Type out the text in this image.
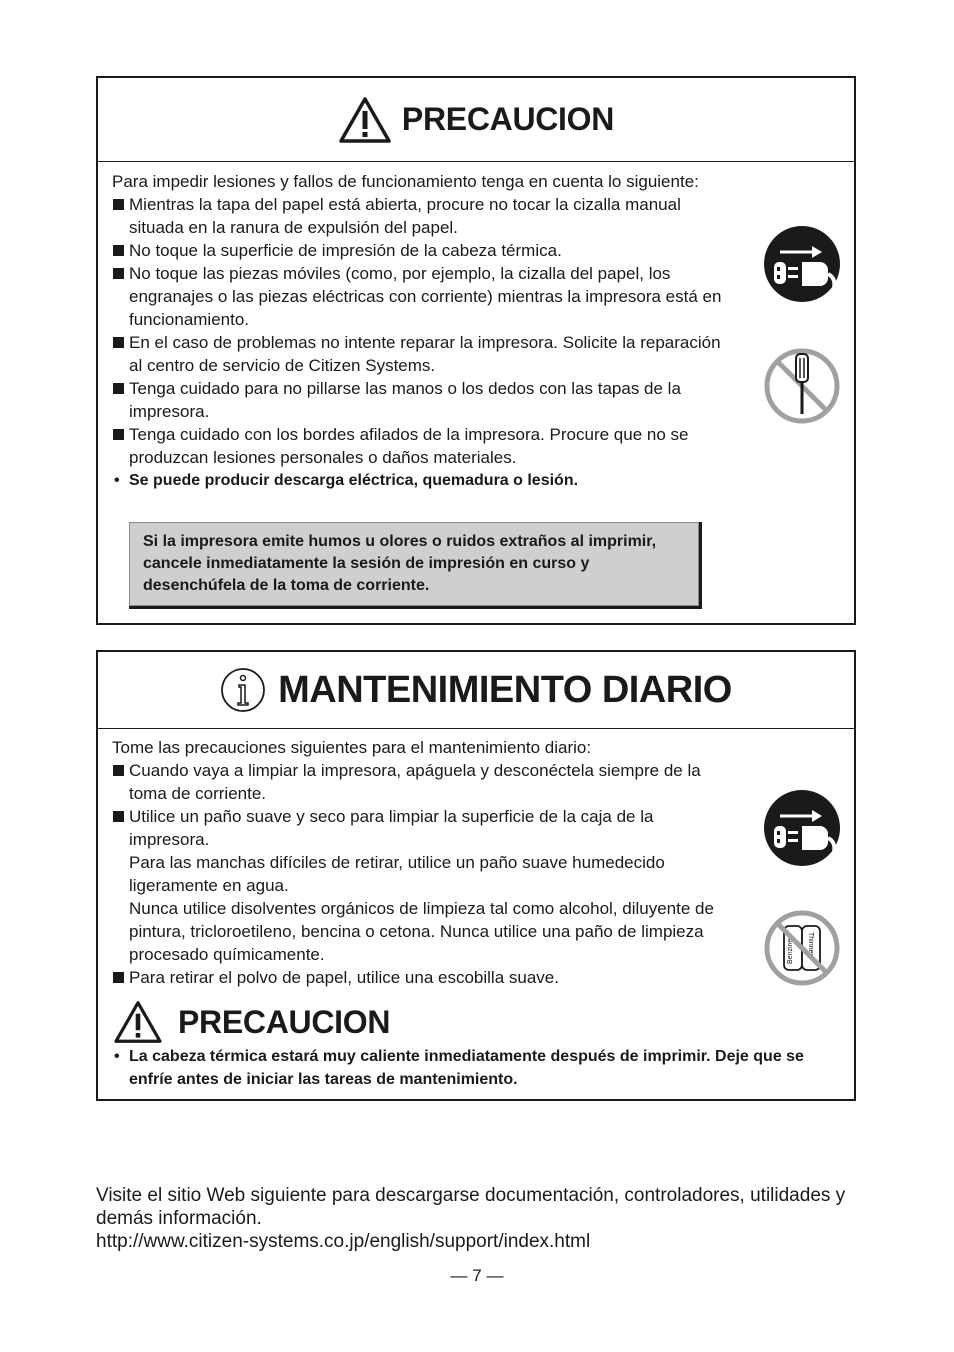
PRECAUCION
Para impedir lesiones y fallos de funcionamiento tenga en cuenta lo siguiente:
Mientras la tapa del papel está abierta, procure no tocar la cizalla manual situada en la ranura de expulsión del papel.
No toque la superficie de impresión de la cabeza térmica.
No toque las piezas móviles (como, por ejemplo, la cizalla del papel, los engranajes o las piezas eléctricas con corriente) mientras la impresora está en funcionamiento.
En el caso de problemas no intente reparar la impresora. Solicite la reparación al centro de servicio de Citizen Systems.
Tenga cuidado para no pillarse las manos o los dedos con las tapas de la impresora.
Tenga cuidado con los bordes afilados de la impresora. Procure que no se produzcan lesiones personales o daños materiales.
• Se puede producir descarga eléctrica, quemadura o lesión.
Si la impresora emite humos u olores o ruidos extraños al imprimir, cancele inmediatamente la sesión de impresión en curso y desenchúfela de la toma de corriente.
MANTENIMIENTO DIARIO
Tome las precauciones siguientes para el mantenimiento diario:
Cuando vaya a limpiar la impresora, apáguela y desconéctela siempre de la toma de corriente.
Utilice un paño suave y seco para limpiar la superficie de la caja de la impresora.
Para las manchas difíciles de retirar, utilice un paño suave humedecido ligeramente en agua.
Nunca utilice disolventes orgánicos de limpieza tal como alcohol, diluyente de pintura, tricloroetileno, bencina o cetona. Nunca utilice una paño de limpieza procesado químicamente.
Para retirar el polvo de papel, utilice una escobilla suave.
Benzine Thinner
PRECAUCION
• La cabeza térmica estará muy caliente inmediatamente después de imprimir. Deje que se enfríe antes de iniciar las tareas de mantenimiento.
Visite el sitio Web siguiente para descargarse documentación, controladores, utilidades y demás información.
http://www.citizen-systems.co.jp/english/support/index.html
— 7 —
